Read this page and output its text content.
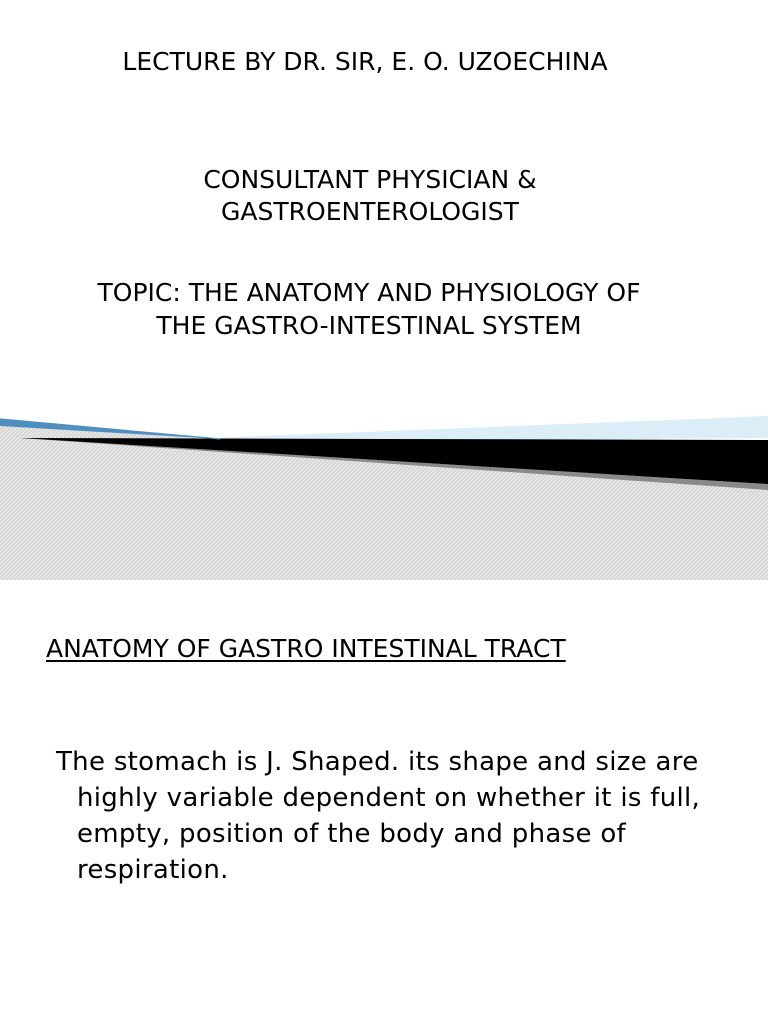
LECTURE BY DR. SIR, E. O. UZOECHINA
CONSULTANT PHYSICIAN &
GASTROENTEROLOGIST
TOPIC: THE ANATOMY AND PHYSIOLOGY OF
THE GASTRO-INTESTINAL SYSTEM
ANATOMY OF GASTRO INTESTINAL TRACT
The stomach is J. Shaped. its shape and size are highly variable dependent on whether it is full, empty, position of the body and phase of respiration.
